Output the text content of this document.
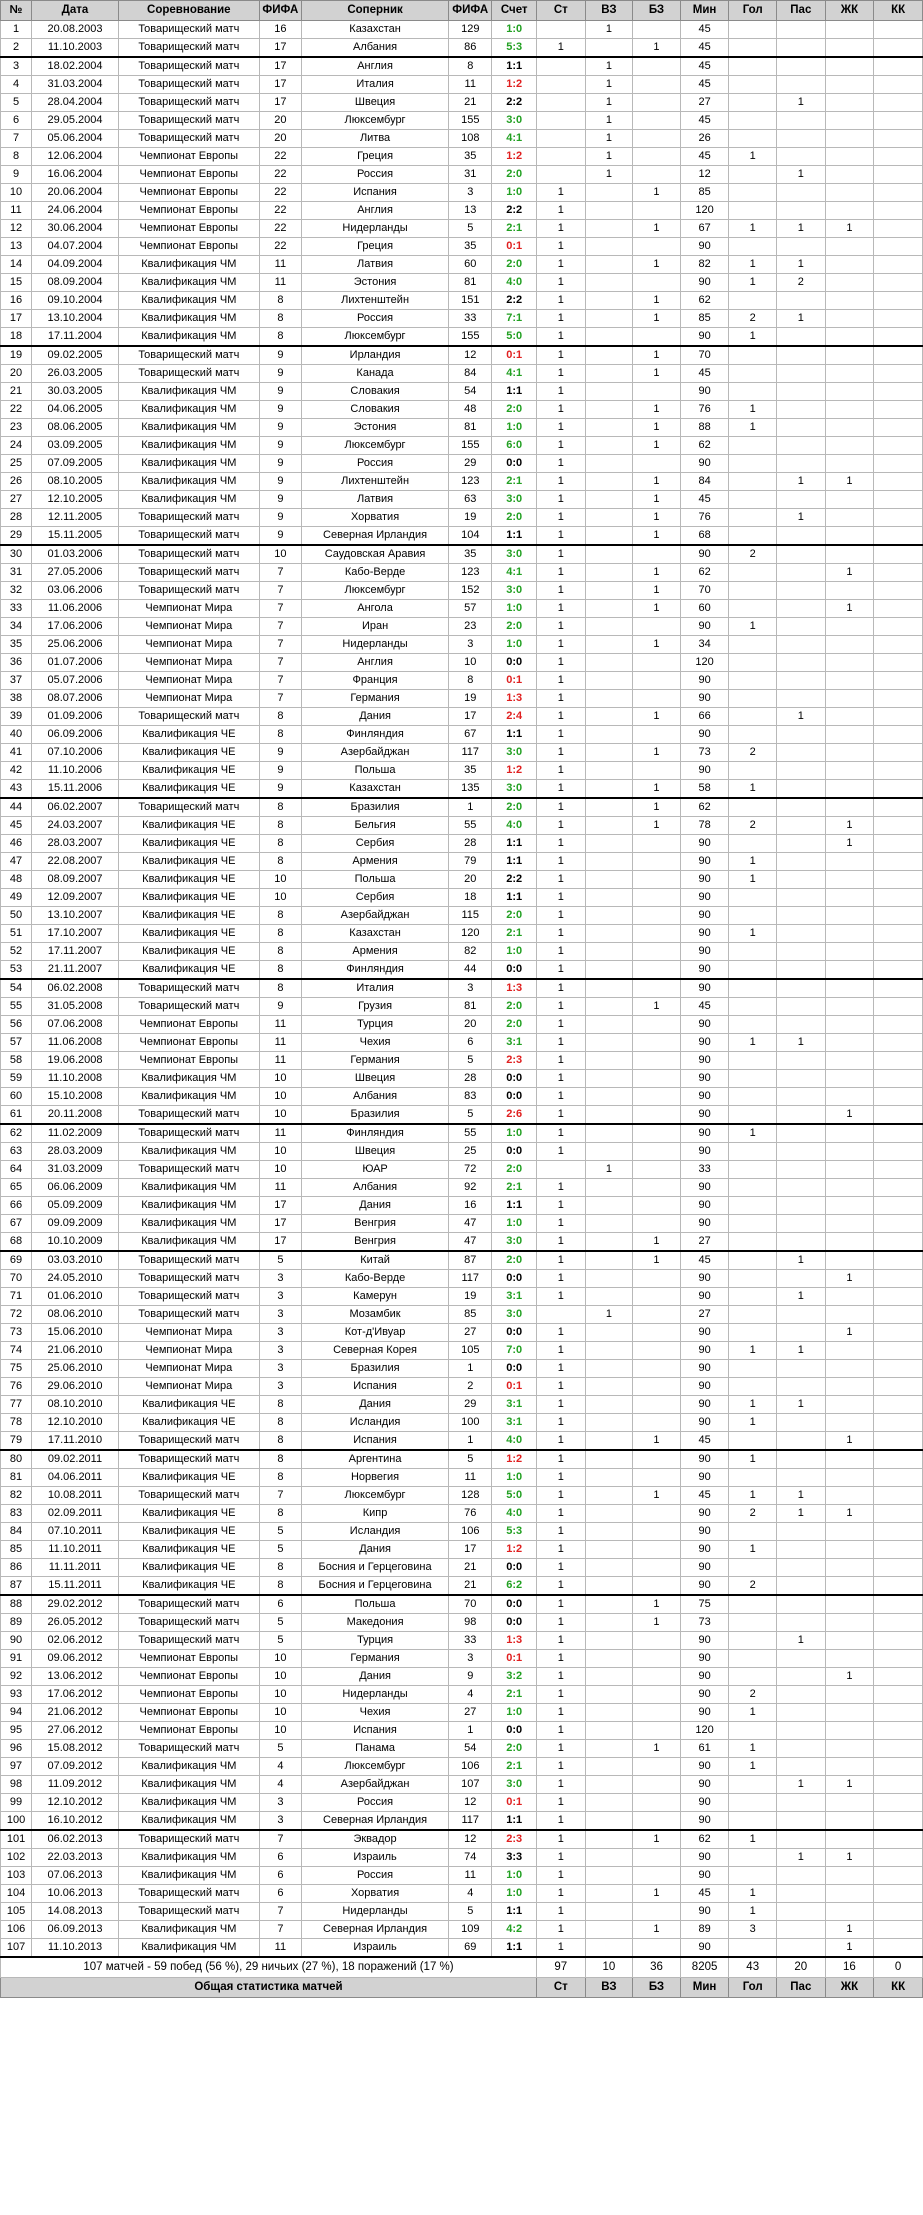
№	Дата	Соревнование	ФИФА	Соперник	ФИФА	Счет	Ст	ВЗ	БЗ	Мин	Гол	Пас	ЖК	КК
1	20.08.2003	Товарищеский матч	16	Казахстан	129	1:0		1		45				
2	11.10.2003	Товарищеский матч	17	Албания	86	5:3	1		1	45				
3	18.02.2004	Товарищеский матч	17	Англия	8	1:1		1		45				
4	31.03.2004	Товарищеский матч	17	Италия	11	1:2		1		45				
5	28.04.2004	Товарищеский матч	17	Швеция	21	2:2		1		27		1		
6	29.05.2004	Товарищеский матч	20	Люксембург	155	3:0		1		45				
7	05.06.2004	Товарищеский матч	20	Литва	108	4:1		1		26				
8	12.06.2004	Чемпионат Европы	22	Греция	35	1:2		1		45	1			
9	16.06.2004	Чемпионат Европы	22	Россия	31	2:0		1		12		1		
10	20.06.2004	Чемпионат Европы	22	Испания	3	1:0	1		1	85				
11	24.06.2004	Чемпионат Европы	22	Англия	13	2:2	1			120				
12	30.06.2004	Чемпионат Европы	22	Нидерланды	5	2:1	1		1	67	1	1	1	
13	04.07.2004	Чемпионат Европы	22	Греция	35	0:1	1			90				
14	04.09.2004	Квалификация ЧМ	11	Латвия	60	2:0	1		1	82	1	1		
15	08.09.2004	Квалификация ЧМ	11	Эстония	81	4:0	1			90	1	2		
16	09.10.2004	Квалификация ЧМ	8	Лихтенштейн	151	2:2	1		1	62				
17	13.10.2004	Квалификация ЧМ	8	Россия	33	7:1	1		1	85	2	1		
18	17.11.2004	Квалификация ЧМ	8	Люксембург	155	5:0	1			90	1			
19	09.02.2005	Товарищеский матч	9	Ирландия	12	0:1	1		1	70				
20	26.03.2005	Товарищеский матч	9	Канада	84	4:1	1		1	45				
21	30.03.2005	Квалификация ЧМ	9	Словакия	54	1:1	1			90				
22	04.06.2005	Квалификация ЧМ	9	Словакия	48	2:0	1		1	76	1			
23	08.06.2005	Квалификация ЧМ	9	Эстония	81	1:0	1		1	88	1			
24	03.09.2005	Квалификация ЧМ	9	Люксембург	155	6:0	1		1	62				
25	07.09.2005	Квалификация ЧМ	9	Россия	29	0:0	1			90				
26	08.10.2005	Квалификация ЧМ	9	Лихтенштейн	123	2:1	1		1	84		1	1	
27	12.10.2005	Квалификация ЧМ	9	Латвия	63	3:0	1		1	45				
28	12.11.2005	Товарищеский матч	9	Хорватия	19	2:0	1		1	76		1		
29	15.11.2005	Товарищеский матч	9	Северная Ирландия	104	1:1	1		1	68				
30	01.03.2006	Товарищеский матч	10	Саудовская Аравия	35	3:0	1			90	2			
31	27.05.2006	Товарищеский матч	7	Кабо-Верде	123	4:1	1		1	62			1	
32	03.06.2006	Товарищеский матч	7	Люксембург	152	3:0	1		1	70				
33	11.06.2006	Чемпионат Мира	7	Ангола	57	1:0	1		1	60			1	
34	17.06.2006	Чемпионат Мира	7	Иран	23	2:0	1			90	1			
35	25.06.2006	Чемпионат Мира	7	Нидерланды	3	1:0	1		1	34				
36	01.07.2006	Чемпионат Мира	7	Англия	10	0:0	1			120				
37	05.07.2006	Чемпионат Мира	7	Франция	8	0:1	1			90				
38	08.07.2006	Чемпионат Мира	7	Германия	19	1:3	1			90				
39	01.09.2006	Товарищеский матч	8	Дания	17	2:4	1		1	66		1		
40	06.09.2006	Квалификация ЧЕ	8	Финляндия	67	1:1	1			90				
41	07.10.2006	Квалификация ЧЕ	9	Азербайджан	117	3:0	1		1	73	2			
42	11.10.2006	Квалификация ЧЕ	9	Польша	35	1:2	1			90				
43	15.11.2006	Квалификация ЧЕ	9	Казахстан	135	3:0	1		1	58	1			
44	06.02.2007	Товарищеский матч	8	Бразилия	1	2:0	1		1	62				
45	24.03.2007	Квалификация ЧЕ	8	Бельгия	55	4:0	1		1	78	2		1	
46	28.03.2007	Квалификация ЧЕ	8	Сербия	28	1:1	1			90			1	
47	22.08.2007	Квалификация ЧЕ	8	Армения	79	1:1	1			90	1			
48	08.09.2007	Квалификация ЧЕ	10	Польша	20	2:2	1			90	1			
49	12.09.2007	Квалификация ЧЕ	10	Сербия	18	1:1	1			90				
50	13.10.2007	Квалификация ЧЕ	8	Азербайджан	115	2:0	1			90				
51	17.10.2007	Квалификация ЧЕ	8	Казахстан	120	2:1	1			90	1			
52	17.11.2007	Квалификация ЧЕ	8	Армения	82	1:0	1			90				
53	21.11.2007	Квалификация ЧЕ	8	Финляндия	44	0:0	1			90				
54	06.02.2008	Товарищеский матч	8	Италия	3	1:3	1			90				
55	31.05.2008	Товарищеский матч	9	Грузия	81	2:0	1		1	45				
56	07.06.2008	Чемпионат Европы	11	Турция	20	2:0	1			90				
57	11.06.2008	Чемпионат Европы	11	Чехия	6	3:1	1			90	1	1		
58	19.06.2008	Чемпионат Европы	11	Германия	5	2:3	1			90				
59	11.10.2008	Квалификация ЧМ	10	Швеция	28	0:0	1			90				
60	15.10.2008	Квалификация ЧМ	10	Албания	83	0:0	1			90				
61	20.11.2008	Товарищеский матч	10	Бразилия	5	2:6	1			90			1	
62	11.02.2009	Товарищеский матч	11	Финляндия	55	1:0	1			90	1			
63	28.03.2009	Квалификация ЧМ	10	Швеция	25	0:0	1			90				
64	31.03.2009	Товарищеский матч	10	ЮАР	72	2:0		1		33				
65	06.06.2009	Квалификация ЧМ	11	Албания	92	2:1	1			90				
66	05.09.2009	Квалификация ЧМ	17	Дания	16	1:1	1			90				
67	09.09.2009	Квалификация ЧМ	17	Венгрия	47	1:0	1			90				
68	10.10.2009	Квалификация ЧМ	17	Венгрия	47	3:0	1		1	27				
69	03.03.2010	Товарищеский матч	5	Китай	87	2:0	1		1	45		1		
70	24.05.2010	Товарищеский матч	3	Кабо-Верде	117	0:0	1			90			1	
71	01.06.2010	Товарищеский матч	3	Камерун	19	3:1	1			90		1		
72	08.06.2010	Товарищеский матч	3	Мозамбик	85	3:0		1		27				
73	15.06.2010	Чемпионат Мира	3	Кот-д'Ивуар	27	0:0	1			90			1	
74	21.06.2010	Чемпионат Мира	3	Северная Корея	105	7:0	1			90	1	1		
75	25.06.2010	Чемпионат Мира	3	Бразилия	1	0:0	1			90				
76	29.06.2010	Чемпионат Мира	3	Испания	2	0:1	1			90				
77	08.10.2010	Квалификация ЧЕ	8	Дания	29	3:1	1			90	1	1		
78	12.10.2010	Квалификация ЧЕ	8	Исландия	100	3:1	1			90	1			
79	17.11.2010	Товарищеский матч	8	Испания	1	4:0	1		1	45			1	
80	09.02.2011	Товарищеский матч	8	Аргентина	5	1:2	1			90	1			
81	04.06.2011	Квалификация ЧЕ	8	Норвегия	11	1:0	1			90				
82	10.08.2011	Товарищеский матч	7	Люксембург	128	5:0	1		1	45	1	1		
83	02.09.2011	Квалификация ЧЕ	8	Кипр	76	4:0	1			90	2	1	1	
84	07.10.2011	Квалификация ЧЕ	5	Исландия	106	5:3	1			90				
85	11.10.2011	Квалификация ЧЕ	5	Дания	17	1:2	1			90	1			
86	11.11.2011	Квалификация ЧЕ	8	Босния и Герцеговина	21	0:0	1			90				
87	15.11.2011	Квалификация ЧЕ	8	Босния и Герцеговина	21	6:2	1			90	2			
88	29.02.2012	Товарищеский матч	6	Польша	70	0:0	1		1	75				
89	26.05.2012	Товарищеский матч	5	Македония	98	0:0	1		1	73				
90	02.06.2012	Товарищеский матч	5	Турция	33	1:3	1			90		1		
91	09.06.2012	Чемпионат Европы	10	Германия	3	0:1	1			90				
92	13.06.2012	Чемпионат Европы	10	Дания	9	3:2	1			90			1	
93	17.06.2012	Чемпионат Европы	10	Нидерланды	4	2:1	1			90	2			
94	21.06.2012	Чемпионат Европы	10	Чехия	27	1:0	1			90	1			
95	27.06.2012	Чемпионат Европы	10	Испания	1	0:0	1			120				
96	15.08.2012	Товарищеский матч	5	Панама	54	2:0	1		1	61	1			
97	07.09.2012	Квалификация ЧМ	4	Люксембург	106	2:1	1			90	1			
98	11.09.2012	Квалификация ЧМ	4	Азербайджан	107	3:0	1			90		1	1	
99	12.10.2012	Квалификация ЧМ	3	Россия	12	0:1	1			90				
100	16.10.2012	Квалификация ЧМ	3	Северная Ирландия	117	1:1	1			90				
101	06.02.2013	Товарищеский матч	7	Эквадор	12	2:3	1		1	62	1			
102	22.03.2013	Квалификация ЧМ	6	Израиль	74	3:3	1			90		1	1	
103	07.06.2013	Квалификация ЧМ	6	Россия	11	1:0	1			90				
104	10.06.2013	Товарищеский матч	6	Хорватия	4	1:0	1		1	45	1			
105	14.08.2013	Товарищеский матч	7	Нидерланды	5	1:1	1			90	1			
106	06.09.2013	Квалификация ЧМ	7	Северная Ирландия	109	4:2	1		1	89	3		1	
107	11.10.2013	Квалификация ЧМ	11	Израиль	69	1:1	1			90			1	
107 матчей - 59 побед (56 %), 29 ничьих (27 %), 18 поражений (17 %)							97	10	36	8205	43	20	16	0
Общая статистика матчей							Ст	ВЗ	БЗ	Мин	Гол	Пас	ЖК	КК
